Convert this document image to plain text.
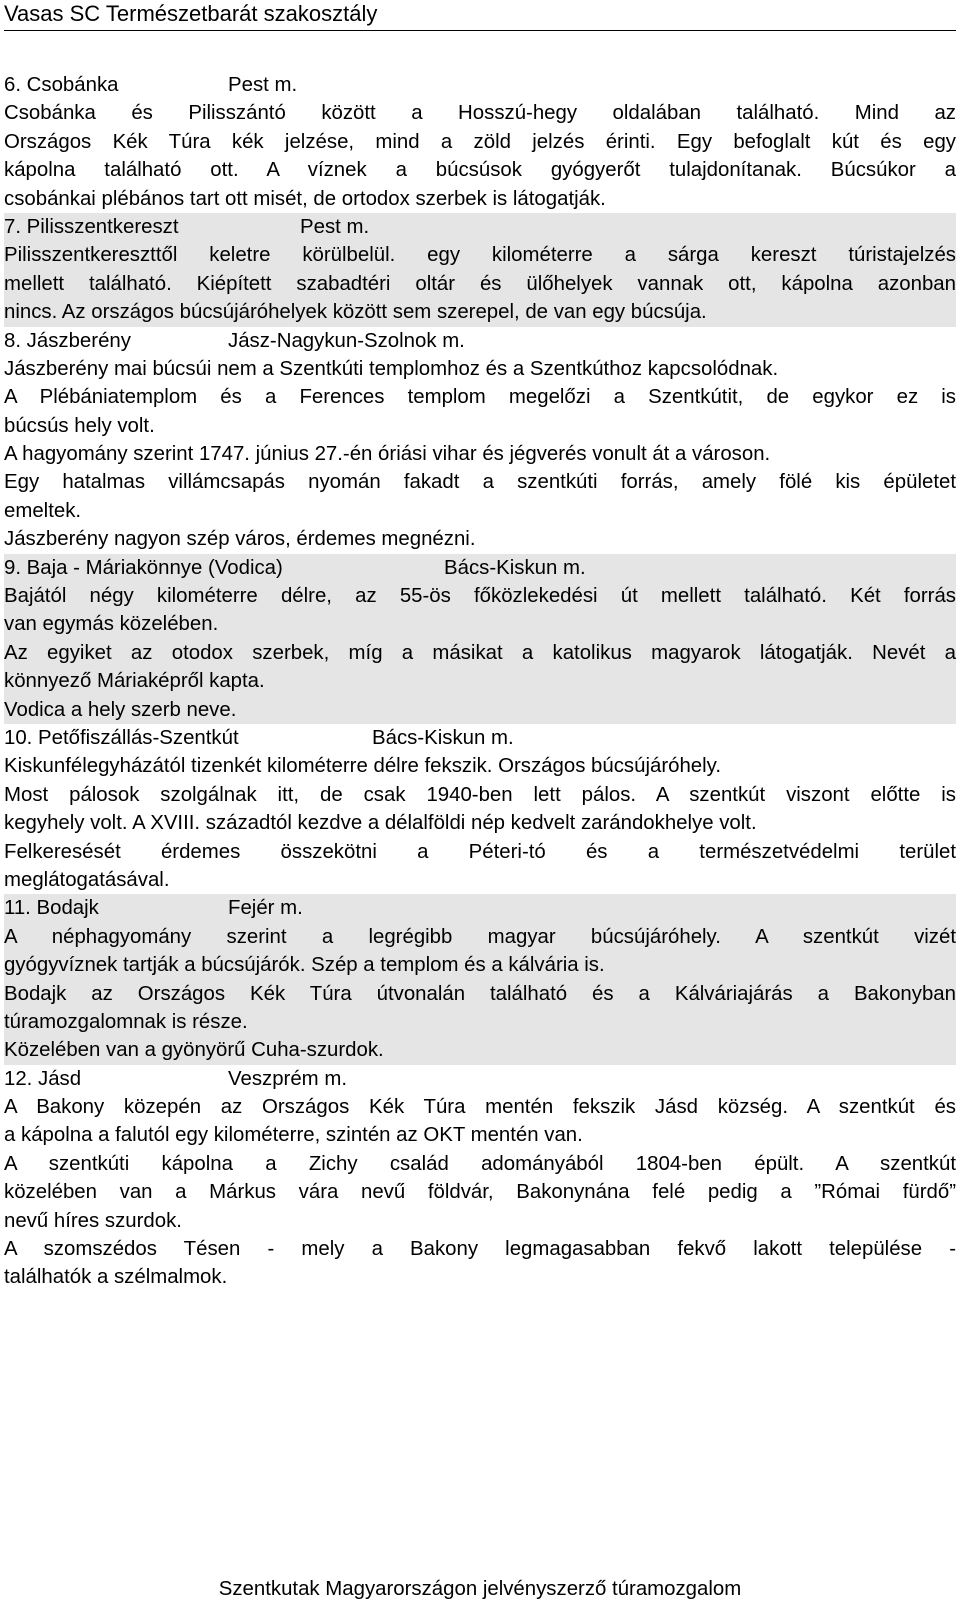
Vasas SC Természetbarát szakosztály
6. Csobánka	Pest m.
Csobánka és Pilisszántó között a Hosszú-hegy oldalában található. Mind az
Országos Kék Túra kék jelzése, mind a zöld jelzés érinti. Egy befoglalt kút és egy
kápolna található ott. A víznek a búcsúsok gyógyerőt tulajdonítanak. Búcsúkor a
csobánkai plébános tart ott misét, de ortodox szerbek is látogatják.
7. Pilisszentkereszt	Pest m.
Pilisszentkereszttől keletre körülbelül. egy kilométerre a sárga kereszt túristajelzés
mellett található. Kiépített szabadtéri oltár és ülőhelyek vannak ott, kápolna azonban
nincs. Az országos búcsújáróhelyek között sem szerepel, de van egy búcsúja.
8. Jászberény	Jász-Nagykun-Szolnok m.
Jászberény mai búcsúi nem a Szentkúti templomhoz és a Szentkúthoz kapcsolódnak.
A Plébániatemplom és a Ferences templom megelőzi a Szentkútit, de egykor ez is
búcsús hely volt.
A hagyomány szerint 1747. június 27.-én óriási vihar és jégverés vonult át a városon.
Egy hatalmas villámcsapás nyomán fakadt a szentkúti forrás, amely fölé kis épületet
emeltek.
Jászberény nagyon szép város, érdemes megnézni.
9. Baja - Máriakönnye (Vodica)	Bács-Kiskun m.
Bajától négy kilométerre délre, az 55-ös főközlekedési út mellett található. Két forrás
van egymás közelében.
Az egyiket az otodox szerbek, míg a másikat a katolikus magyarok látogatják. Nevét a
könnyező Máriaképről kapta.
Vodica a hely szerb neve.
10. Petőfiszállás-Szentkút	Bács-Kiskun m.
Kiskunfélegyházától tizenkét kilométerre délre fekszik. Országos búcsújáróhely.
Most pálosok szolgálnak itt, de csak 1940-ben lett pálos. A szentkút viszont előtte is
kegyhely volt. A XVIII. századtól kezdve a délalföldi nép kedvelt zarándokhelye volt.
Felkeresését érdemes összekötni a Péteri-tó és a természetvédelmi terület
meglátogatásával.
11. Bodajk	Fejér m.
A néphagyomány szerint a legrégibb magyar búcsújáróhely. A szentkút vizét
gyógyvíznek tartják a búcsújárók. Szép a templom és a kálvária is.
Bodajk az Országos Kék Túra útvonalán található és a Kálváriajárás a Bakonyban
túramozgalomnak is része.
Közelében van a gyönyörű Cuha-szurdok.
12. Jásd	Veszprém m.
A Bakony közepén az Országos Kék Túra mentén fekszik Jásd község. A szentkút és
a kápolna a falutól egy kilométerre, szintén az OKT mentén van.
A szentkúti kápolna a Zichy család adományából 1804-ben épült. A szentkút
közelében van a Márkus vára nevű földvár, Bakonynána felé pedig a ”Római fürdő”
nevű híres szurdok.
A szomszédos Tésen - mely a Bakony legmagasabban fekvő lakott települése -
találhatók a szélmalmok.
Szentkutak Magyarországon jelvényszerző túramozgalom
